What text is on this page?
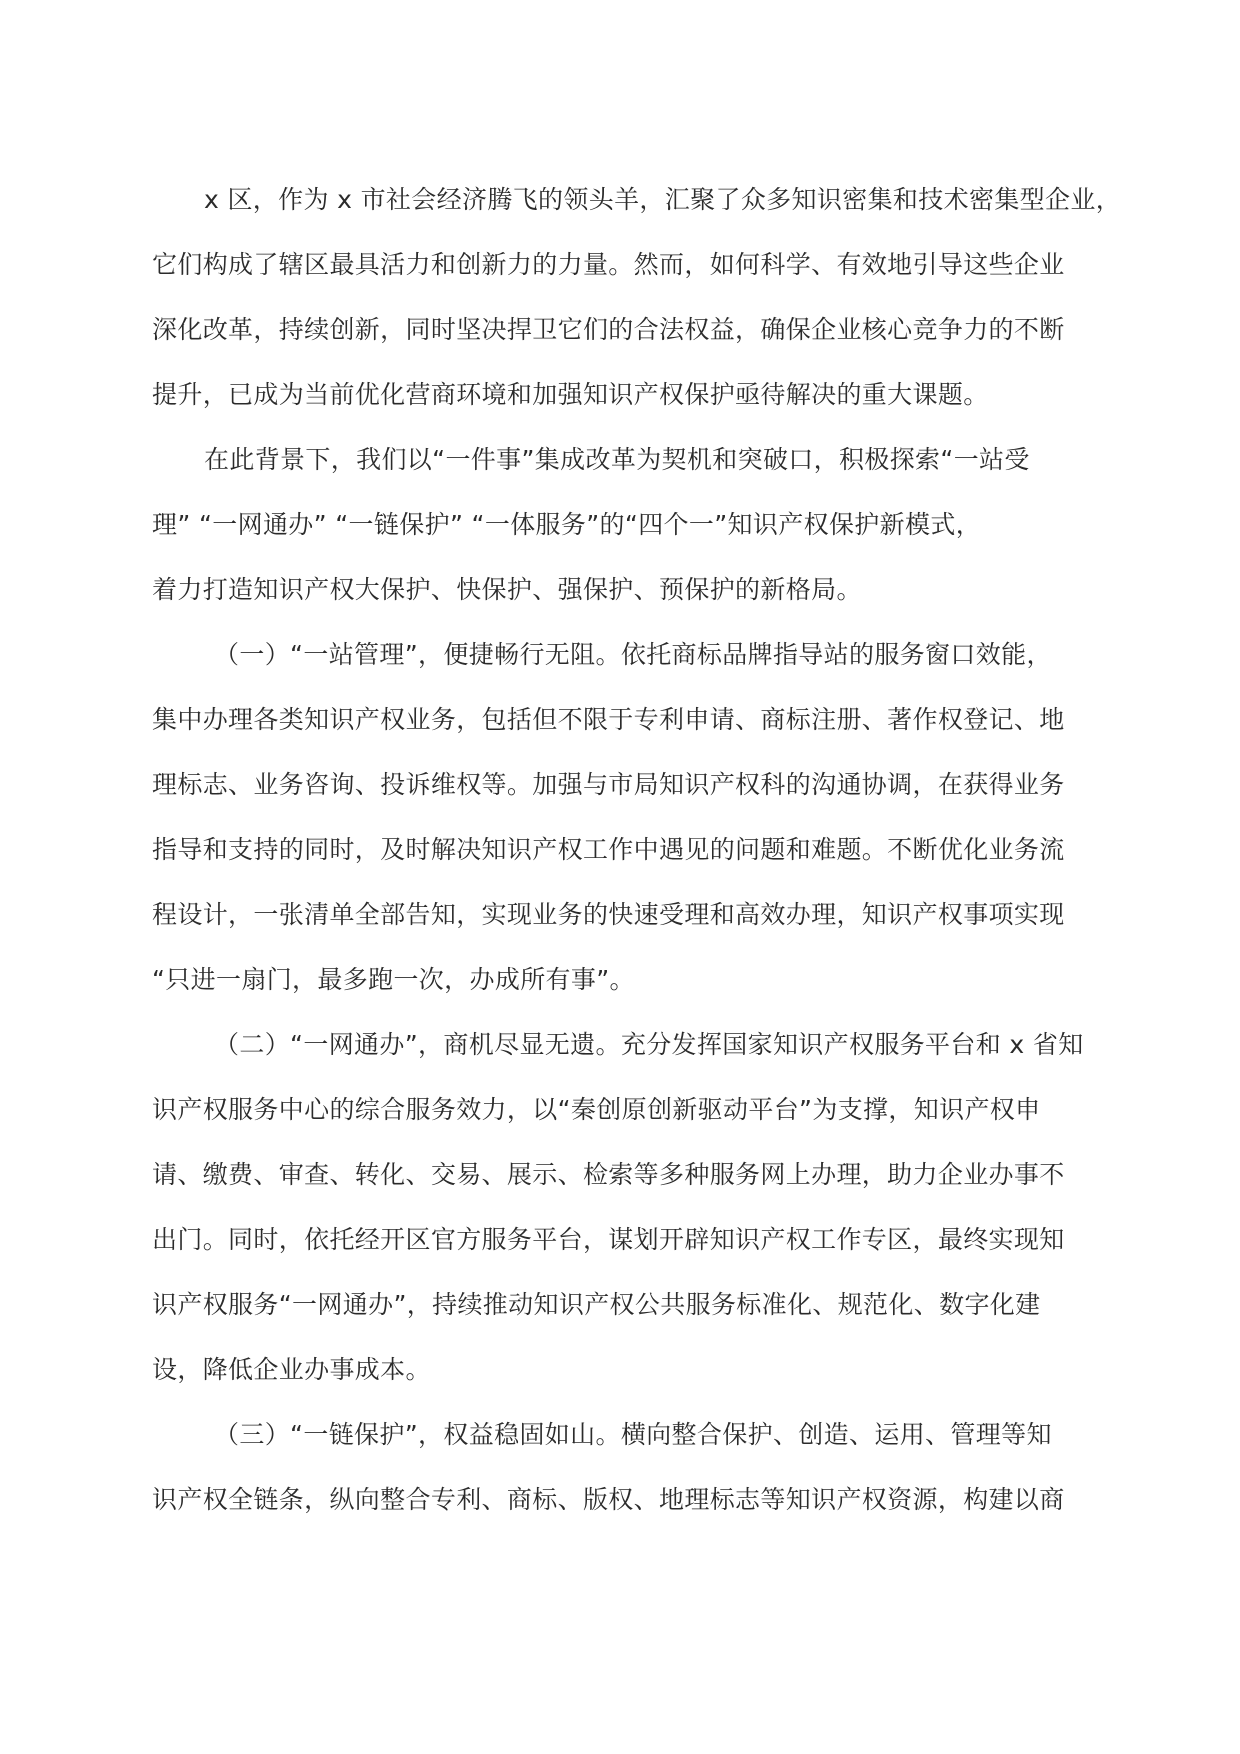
x 区，作为 x 市社会经济腾飞的领头羊，汇聚了众多知识密集和技术密集型企业，
它们构成了辖区最具活力和创新力的力量。然而，如何科学、有效地引导这些企业
深化改革，持续创新，同时坚决捍卫它们的合法权益，确保企业核心竞争力的不断
提升，已成为当前优化营商环境和加强知识产权保护亟待解决的重大课题。

在此背景下，我们以“一件事”集成改革为契机和突破口，积极探索“一站受
理” “一网通办” “一链保护” “一体服务”的“四个一”知识产权保护新模式，
着力打造知识产权大保护、快保护、强保护、预保护的新格局。

（一）“一站管理”，便捷畅行无阻。依托商标品牌指导站的服务窗口效能，
集中办理各类知识产权业务，包括但不限于专利申请、商标注册、著作权登记、地
理标志、业务咨询、投诉维权等。加强与市局知识产权科的沟通协调，在获得业务
指导和支持的同时，及时解决知识产权工作中遇见的问题和难题。不断优化业务流
程设计，一张清单全部告知，实现业务的快速受理和高效办理，知识产权事项实现
“只进一扇门，最多跑一次，办成所有事”。

（二）“一网通办”，商机尽显无遗。充分发挥国家知识产权服务平台和 x 省知
识产权服务中心的综合服务效力，以“秦创原创新驱动平台”为支撑，知识产权申
请、缴费、审查、转化、交易、展示、检索等多种服务网上办理，助力企业办事不
出门。同时，依托经开区官方服务平台，谋划开辟知识产权工作专区，最终实现知
识产权服务“一网通办”，持续推动知识产权公共服务标准化、规范化、数字化建
设，降低企业办事成本。

（三）“一链保护”，权益稳固如山。横向整合保护、创造、运用、管理等知
识产权全链条，纵向整合专利、商标、版权、地理标志等知识产权资源，构建以商
